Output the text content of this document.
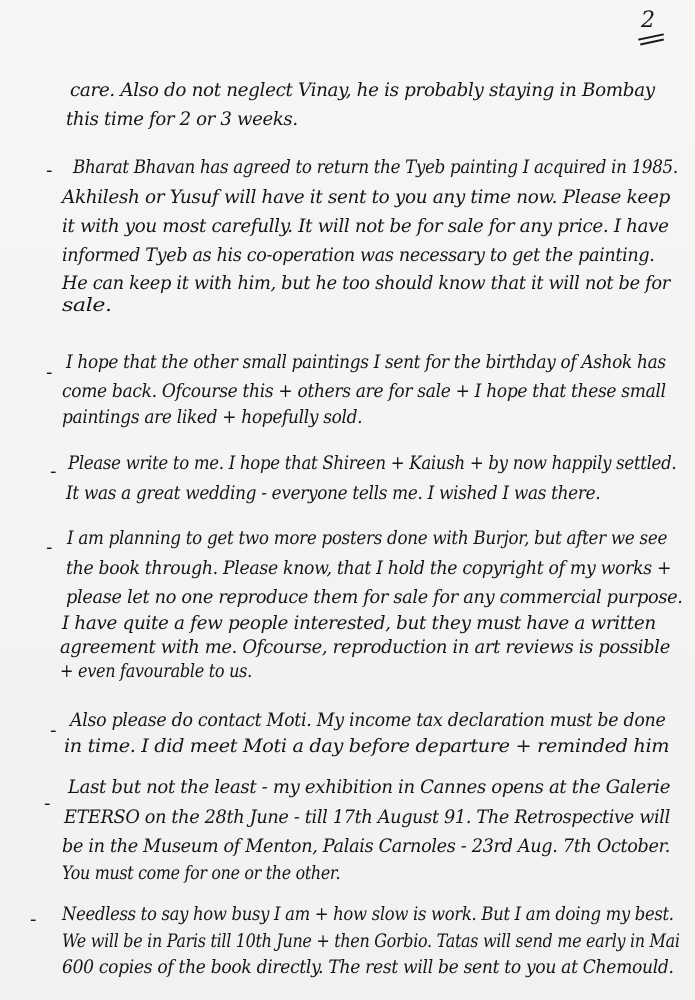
2
care. Also do not neglect Vinay, he is probably staying in Bombay
this time for 2 or 3 weeks.
- Bharat Bhavan has agreed to return the Tyeb painting I acquired in 1985.
Akhilesh or Yusuf will have it sent to you any time now. Please keep
it with you most carefully. It will not be for sale for any price. I have
informed Tyeb as his co-operation was necessary to get the painting.
He can keep it with him, but he too should know that it will not be for
sale.
- I hope that the other small paintings I sent for the birthday of Ashok has
come back. Ofcourse this + others are for sale + I hope that these small
paintings are liked + hopefully sold.
- Please write to me. I hope that Shireen + Kaiush + by now happily settled.
It was a great wedding - everyone tells me. I wished I was there.
- I am planning to get two more posters done with Burjor, but after we see
the book through. Please know, that I hold the copyright of my works +
please let no one reproduce them for sale for any commercial purpose.
I have quite a few people interested, but they must have a written
agreement with me. Ofcourse, reproduction in art reviews is possible
+ even favourable to us.
- Also please do contact Moti. My income tax declaration must be done
in time. I did meet Moti a day before departure + reminded him
-
Last but not the least - my exhibition in Cannes opens at the Galerie
ETERSO on the 28th June - till 17th August 91. The Retrospective will
be in the Museum of Menton, Palais Carnoles - 23rd Aug. 7th October.
You must come for one or the other.
- Needless to say how busy I am + how slow is work. But I am doing my best.
We will be in Paris till 10th June + then Gorbio. Tatas will send me early in Mai
600 copies of the book directly. The rest will be sent to you at Chemould.
